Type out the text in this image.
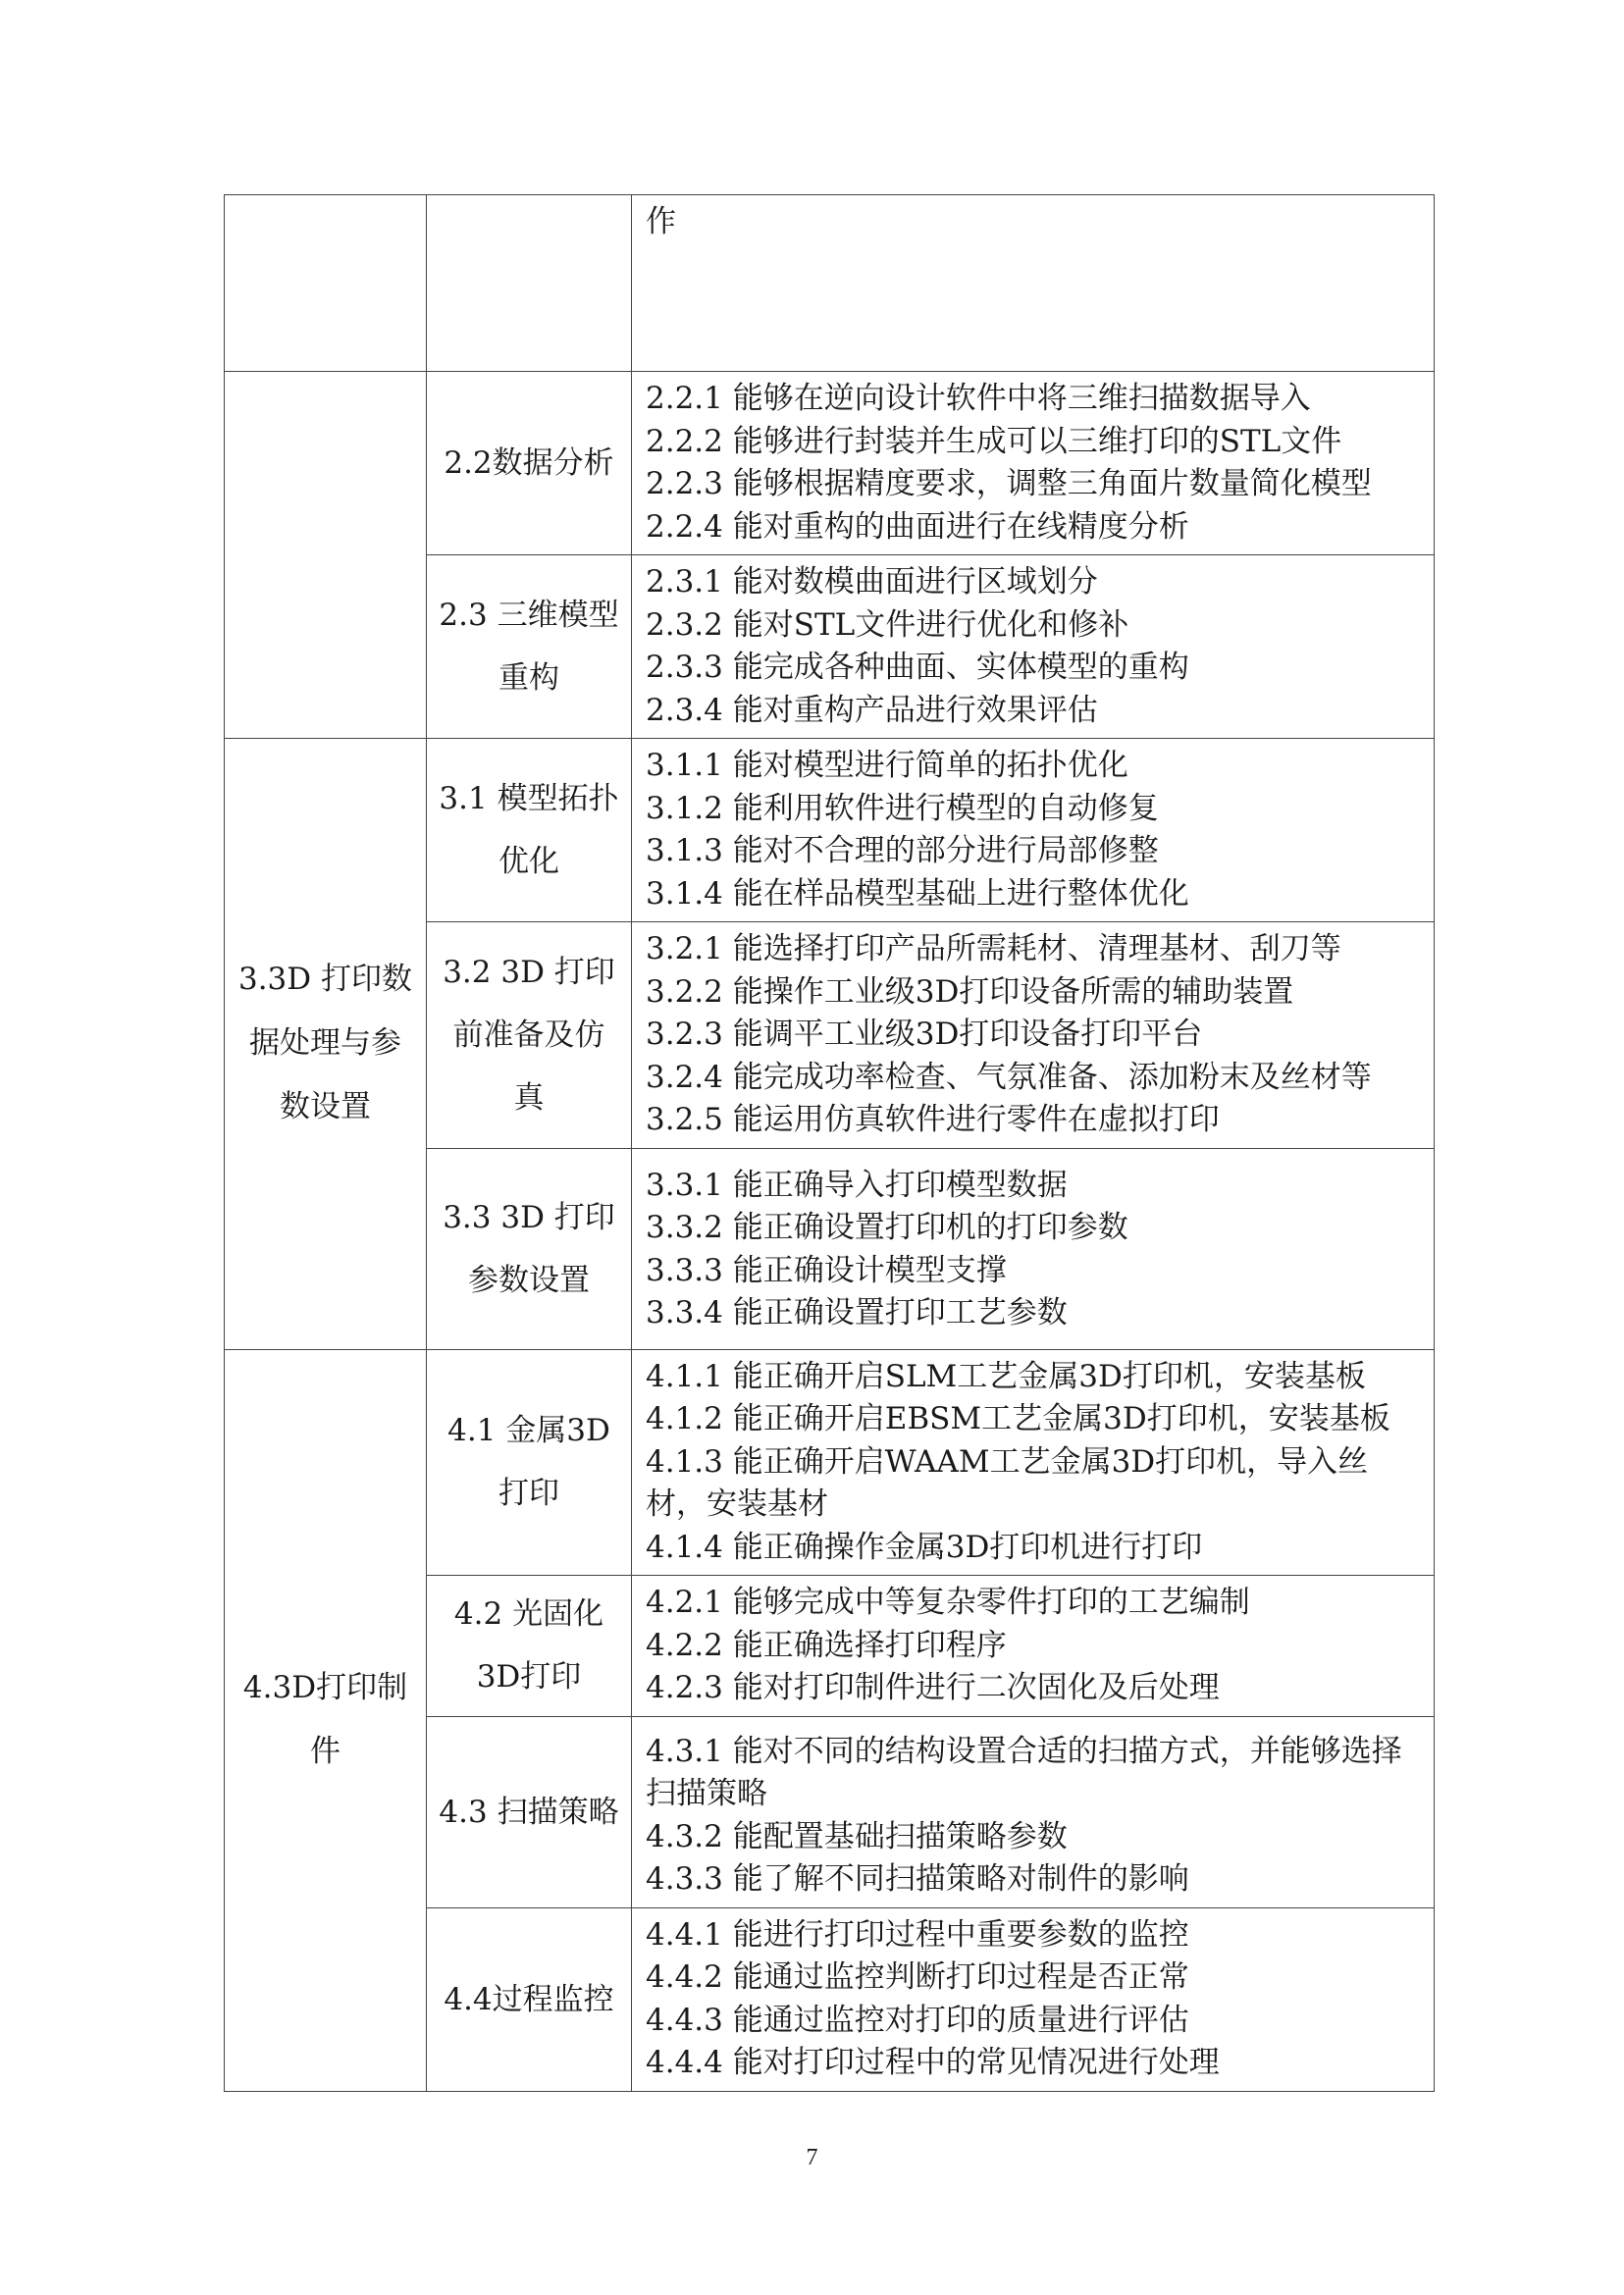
		作
	2.2数据分析	2.2.1 能够在逆向设计软件中将三维扫描数据导入
2.2.2 能够进行封装并生成可以三维打印的STL文件
2.2.3 能够根据精度要求，调整三角面片数量简化模型
2.2.4 能对重构的曲面进行在线精度分析

	2.3 三维模型重构	2.3.1 能对数模曲面进行区域划分
2.3.2 能对STL文件进行优化和修补
2.3.3 能完成各种曲面、实体模型的重构
2.3.4 能对重构产品进行效果评估

3.3D 打印数据处理与参数设置	3.1 模型拓扑优化	3.1.1 能对模型进行简单的拓扑优化
3.1.2 能利用软件进行模型的自动修复
3.1.3 能对不合理的部分进行局部修整
3.1.4 能在样品模型基础上进行整体优化

	3.2 3D 打印前准备及仿真	3.2.1 能选择打印产品所需耗材、清理基材、刮刀等
3.2.2 能操作工业级3D打印设备所需的辅助装置
3.2.3 能调平工业级3D打印设备打印平台
3.2.4 能完成功率检查、气氛准备、添加粉末及丝材等
3.2.5 能运用仿真软件进行零件在虚拟打印

	3.3 3D 打印参数设置	3.3.1 能正确导入打印模型数据
3.3.2 能正确设置打印机的打印参数
3.3.3 能正确设计模型支撑
3.3.4 能正确设置打印工艺参数

4.3D打印制件	4.1 金属3D打印	4.1.1 能正确开启SLM工艺金属3D打印机，安装基板
4.1.2 能正确开启EBSM工艺金属3D打印机，安装基板
4.1.3 能正确开启WAAM工艺金属3D打印机，导入丝材，安装基材
4.1.4 能正确操作金属3D打印机进行打印

	4.2 光固化3D打印	4.2.1 能够完成中等复杂零件打印的工艺编制
4.2.2 能正确选择打印程序
4.2.3 能对打印制件进行二次固化及后处理

	4.3 扫描策略	4.3.1 能对不同的结构设置合适的扫描方式，并能够选择扫描策略
4.3.2 能配置基础扫描策略参数
4.3.3 能了解不同扫描策略对制件的影响

	4.4过程监控	4.4.1 能进行打印过程中重要参数的监控
4.4.2 能通过监控判断打印过程是否正常
4.4.3 能通过监控对打印的质量进行评估
4.4.4 能对打印过程中的常见情况进行处理
7
